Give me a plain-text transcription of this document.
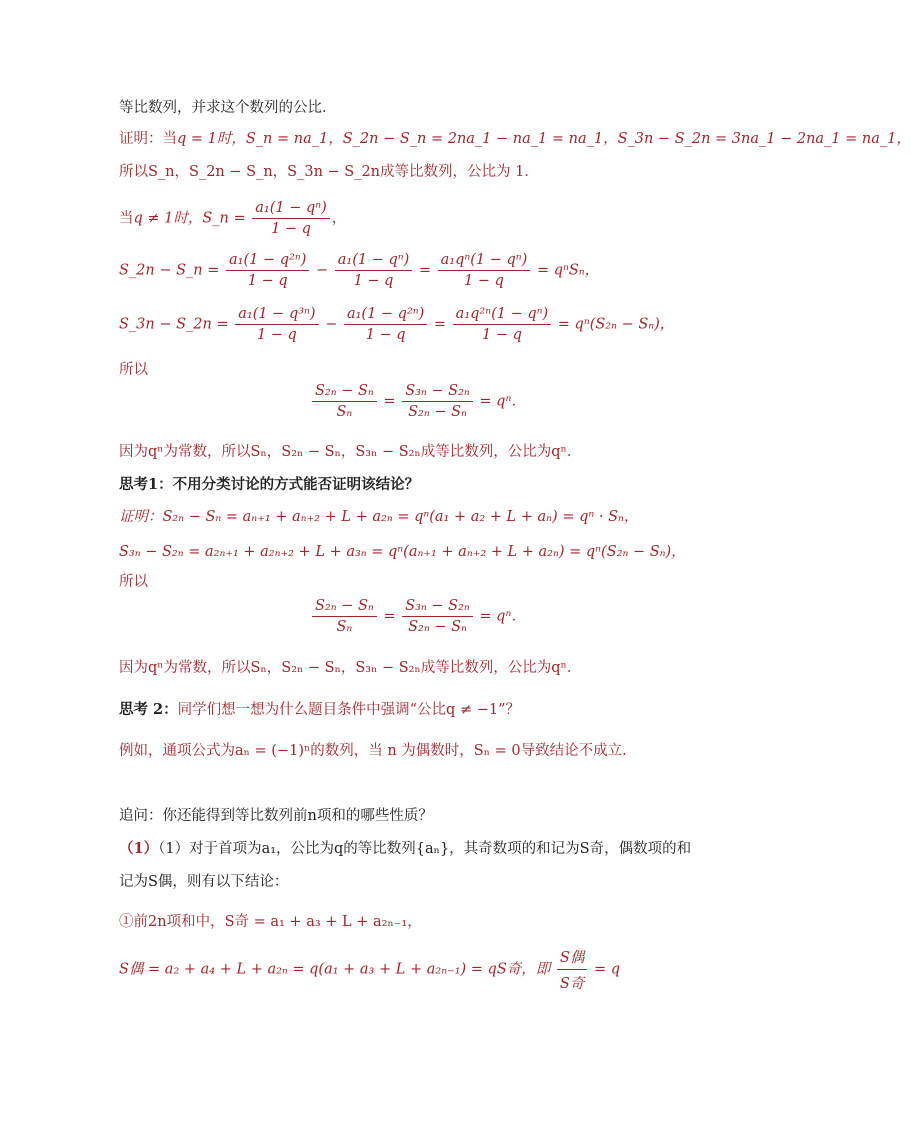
等比数列，并求这个数列的公比．
证明：当q = 1时，S_n = na_1，S_2n − S_n = 2na_1 − na_1 = na_1，S_3n − S_2n = 3na_1 − 2na_1 = na_1，
所以S_n，S_2n − S_n，S_3n − S_2n成等比数列，公比为 1．
当q ≠ 1时，S_n = $\frac{\text{a₁(1 − qⁿ)}}{1 - q}$ ，
S_2n − S_n = $\frac{\text{a₁(1 − q²ⁿ)}}{1 - q} - \frac{\text{a₁(1 − qⁿ)}}{1 - q} = \frac{\text{a₁qⁿ(1 − qⁿ)}}{1 - q} = q^nS_n$，
S_3n − S_2n = $\frac{\text{a₁(1 − q³ⁿ)}}{1 - q} - \frac{\text{a₁(1 − q²ⁿ)}}{1 - q} = \frac{\text{a₁q²ⁿ(1 − qⁿ)}}{1 - q} = q^n(S_{2n} - S_n)$，
所以
$\frac{\text{S₂ₙ − Sₙ}}{\text{Sₙ}} = \frac{\text{S₃ₙ − S₂ₙ}}{\text{S₂ₙ − Sₙ}} = q^n$．
因为qⁿ为常数，所以Sₙ，S₂ₙ − Sₙ，S₃ₙ − S₂ₙ成等比数列，公比为qⁿ．
思考1：不用分类讨论的方式能否证明该结论？
证明：S₂ₙ − Sₙ = aₙ₊₁ + aₙ₊₂ + L + a₂ₙ = qⁿ(a₁ + a₂ + L + aₙ) = qⁿ · Sₙ，
S₃ₙ − S₂ₙ = a₂ₙ₊₁ + a₂ₙ₊₂ + L + a₃ₙ = qⁿ(aₙ₊₁ + aₙ₊₂ + L + a₂ₙ) = qⁿ(S₂ₙ − Sₙ)，
所以
$\frac{\text{S₂ₙ − Sₙ}}{\text{Sₙ}} = \frac{\text{S₃ₙ − S₂ₙ}}{\text{S₂ₙ − Sₙ}} = q^n$．
因为qⁿ为常数，所以Sₙ，S₂ₙ − Sₙ，S₃ₙ − S₂ₙ成等比数列，公比为qⁿ．
思考 2：同学们想一想为什么题目条件中强调“公比q ≠ −1”？
例如，通项公式为aₙ = (−1)ⁿ的数列，当 n 为偶数时，Sₙ = 0导致结论不成立.
追问：你还能得到等比数列前n项和的哪些性质？
（1）（1）对于首项为a₁，公比为q的等比数列{aₙ}，其奇数项的和记为S奇，偶数项的和
记为S偶，则有以下结论：
①前2n项和中，S奇 = a₁ + a₃ + L + a₂ₙ₋₁，
S偶 = a₂ + a₄ + L + a₂ₙ = q(a₁ + a₃ + L + a₂ₙ₋₁) = qS奇，即 $\frac{\text{S偶}}{\text{S奇}} = q$
